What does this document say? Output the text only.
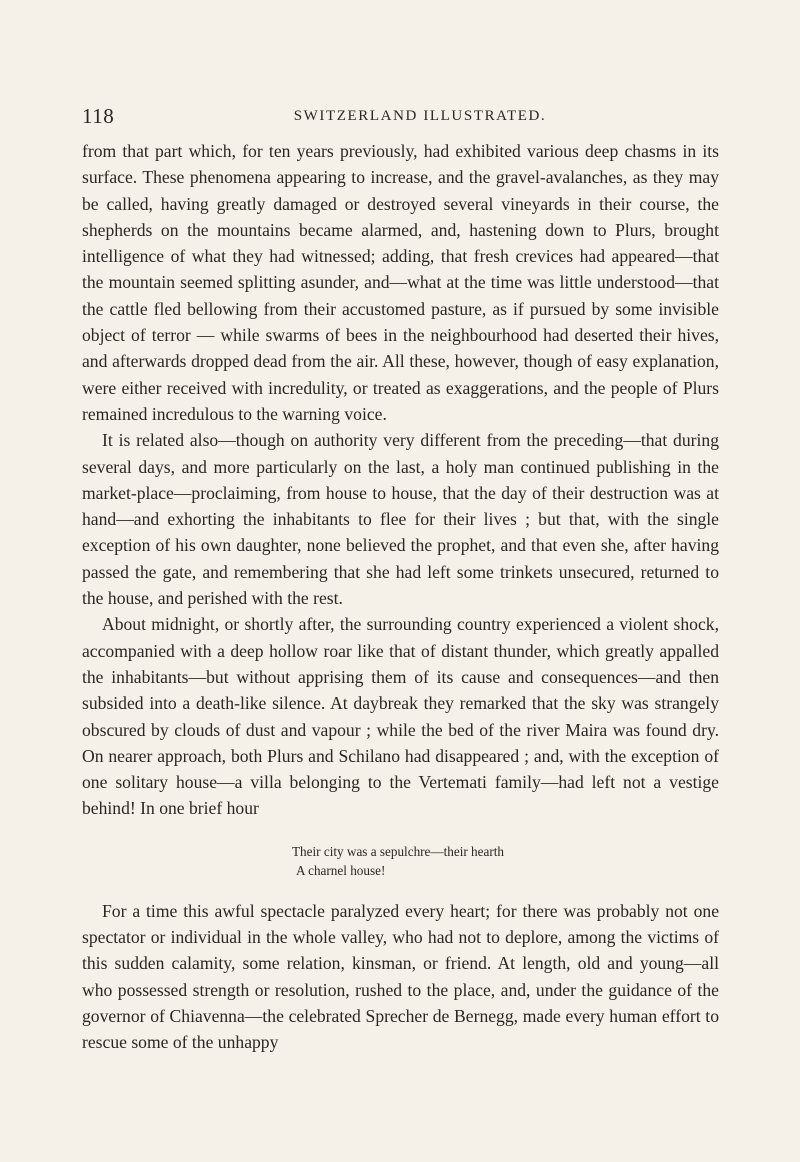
118	SWITZERLAND ILLUSTRATED.

from that part which, for ten years previously, had exhibited various deep chasms in its surface. These phenomena appearing to increase, and the gravel-avalanches, as they may be called, having greatly damaged or destroyed several vineyards in their course, the shepherds on the mountains became alarmed, and, hastening down to Plurs, brought intelligence of what they had witnessed; adding, that fresh crevices had appeared—that the mountain seemed splitting asunder, and—what at the time was little understood—that the cattle fled bellowing from their accustomed pasture, as if pursued by some invisible object of terror — while swarms of bees in the neighbourhood had deserted their hives, and afterwards dropped dead from the air. All these, however, though of easy explanation, were either received with incredulity, or treated as exaggerations, and the people of Plurs remained incredulous to the warning voice.

It is related also—though on authority very different from the preceding—that during several days, and more particularly on the last, a holy man continued publishing in the market-place—proclaiming, from house to house, that the day of their destruction was at hand—and exhorting the inhabitants to flee for their lives ; but that, with the single exception of his own daughter, none believed the prophet, and that even she, after having passed the gate, and remembering that she had left some trinkets unsecured, returned to the house, and perished with the rest.

About midnight, or shortly after, the surrounding country experienced a violent shock, accompanied with a deep hollow roar like that of distant thunder, which greatly appalled the inhabitants—but without apprising them of its cause and consequences—and then subsided into a death-like silence. At daybreak they remarked that the sky was strangely obscured by clouds of dust and vapour ; while the bed of the river Maira was found dry. On nearer approach, both Plurs and Schilano had disappeared ; and, with the exception of one solitary house—a villa belonging to the Vertemati family—had left not a vestige behind! In one brief hour

Their city was a sepulchre—their hearth
A charnel house!

For a time this awful spectacle paralyzed every heart; for there was probably not one spectator or individual in the whole valley, who had not to deplore, among the victims of this sudden calamity, some relation, kinsman, or friend. At length, old and young—all who possessed strength or resolution, rushed to the place, and, under the guidance of the governor of Chiavenna—the celebrated Sprecher de Bernegg, made every human effort to rescue some of the unhappy
